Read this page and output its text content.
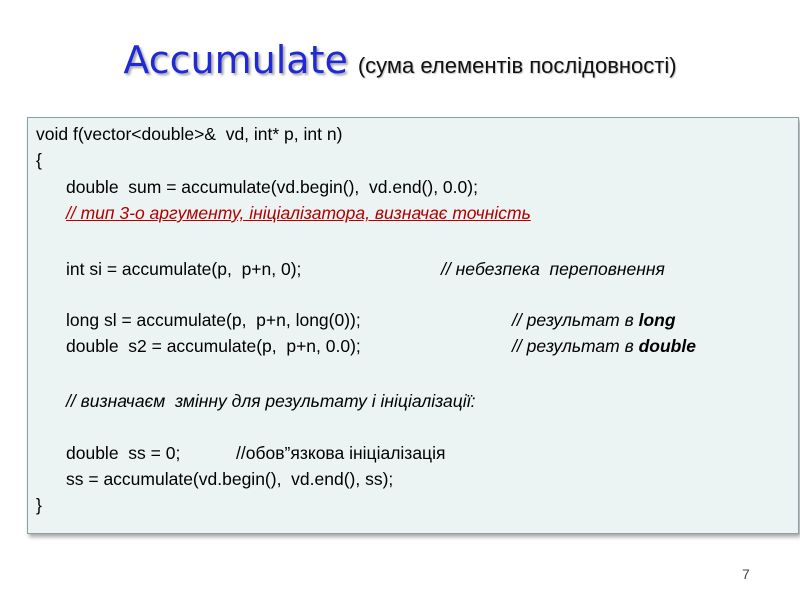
Accumulate (сума елементів послідовності)
void f(vector<double>&  vd, int* p, int n)
{
double  sum = accumulate(vd.begin(),  vd.end(), 0.0);
// тип 3-о аргументу, ініціалізатора, визначає точність
int si = accumulate(p,  p+n, 0);	// небезпека  переповнення
long sl = accumulate(p,  p+n, long(0));	// результат в long
double  s2 = accumulate(p,  p+n, 0.0);	// результат в double
// визначаєм  змінну для результату і ініціалізації:
double  ss = 0;	//обов”язкова ініціалізація
ss = accumulate(vd.begin(),  vd.end(), ss);
}
7
